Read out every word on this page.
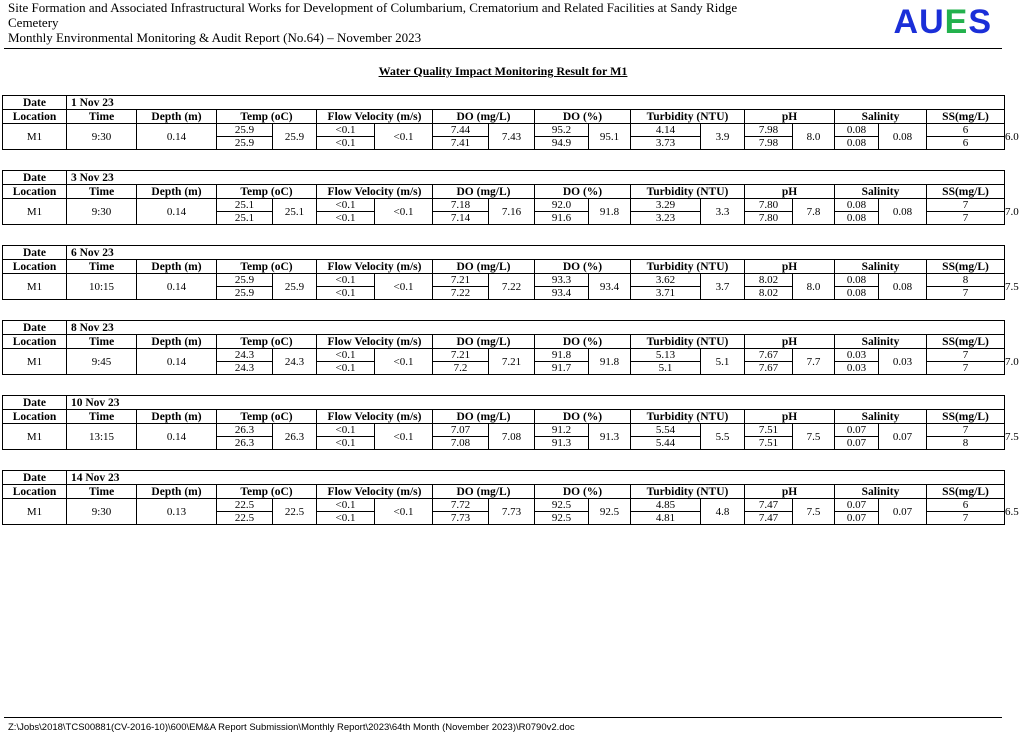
Site Formation and Associated Infrastructural Works for Development of Columbarium, Crematorium and Related Facilities at Sandy Ridge
Cemetery
Monthly Environmental Monitoring & Audit Report (No.64) – November 2023	AUES
Water Quality Impact Monitoring Result for M1
Date	1 Nov 23																	
Location	Time	Depth (m)	Temp (oC)		Flow Velocity (m/s)		DO (mg/L)		DO (%)		Turbidity (NTU)		pH		Salinity		SS(mg/L)	
M1	9:30	0.14	25.9	25.9	<0.1	<0.1	7.44	7.43	95.2	95.1	4.14	3.9	7.98	8.0	0.08	0.08	6	6.0
			25.9		<0.1		7.41		94.9		3.73		7.98		0.08		6	
Date	3 Nov 23																	
Location	Time	Depth (m)	Temp (oC)		Flow Velocity (m/s)		DO (mg/L)		DO (%)		Turbidity (NTU)		pH		Salinity		SS(mg/L)	
M1	9:30	0.14	25.1	25.1	<0.1	<0.1	7.18	7.16	92.0	91.8	3.29	3.3	7.80	7.8	0.08	0.08	7	7.0
			25.1		<0.1		7.14		91.6		3.23		7.80		0.08		7	
Date	6 Nov 23																	
Location	Time	Depth (m)	Temp (oC)		Flow Velocity (m/s)		DO (mg/L)		DO (%)		Turbidity (NTU)		pH		Salinity		SS(mg/L)	
M1	10:15	0.14	25.9	25.9	<0.1	<0.1	7.21	7.22	93.3	93.4	3.62	3.7	8.02	8.0	0.08	0.08	8	7.5
			25.9		<0.1		7.22		93.4		3.71		8.02		0.08		7	
Date	8 Nov 23																	
Location	Time	Depth (m)	Temp (oC)		Flow Velocity (m/s)		DO (mg/L)		DO (%)		Turbidity (NTU)		pH		Salinity		SS(mg/L)	
M1	9:45	0.14	24.3	24.3	<0.1	<0.1	7.21	7.21	91.8	91.8	5.13	5.1	7.67	7.7	0.03	0.03	7	7.0
			24.3		<0.1		7.2		91.7		5.1		7.67		0.03		7	
Date	10 Nov 23																	
Location	Time	Depth (m)	Temp (oC)		Flow Velocity (m/s)		DO (mg/L)		DO (%)		Turbidity (NTU)		pH		Salinity		SS(mg/L)	
M1	13:15	0.14	26.3	26.3	<0.1	<0.1	7.07	7.08	91.2	91.3	5.54	5.5	7.51	7.5	0.07	0.07	7	7.5
			26.3		<0.1		7.08		91.3		5.44		7.51		0.07		8	
Date	14 Nov 23																	
Location	Time	Depth (m)	Temp (oC)		Flow Velocity (m/s)		DO (mg/L)		DO (%)		Turbidity (NTU)		pH		Salinity		SS(mg/L)	
M1	9:30	0.13	22.5	22.5	<0.1	<0.1	7.72	7.73	92.5	92.5	4.85	4.8	7.47	7.5	0.07	0.07	6	6.5
			22.5		<0.1		7.73		92.5		4.81		7.47		0.07		7	
Z:\Jobs\2018\TCS00881(CV-2016-10)\600\EM&A Report Submission\Monthly Report\2023\64th Month (November 2023)\R0790v2.doc
